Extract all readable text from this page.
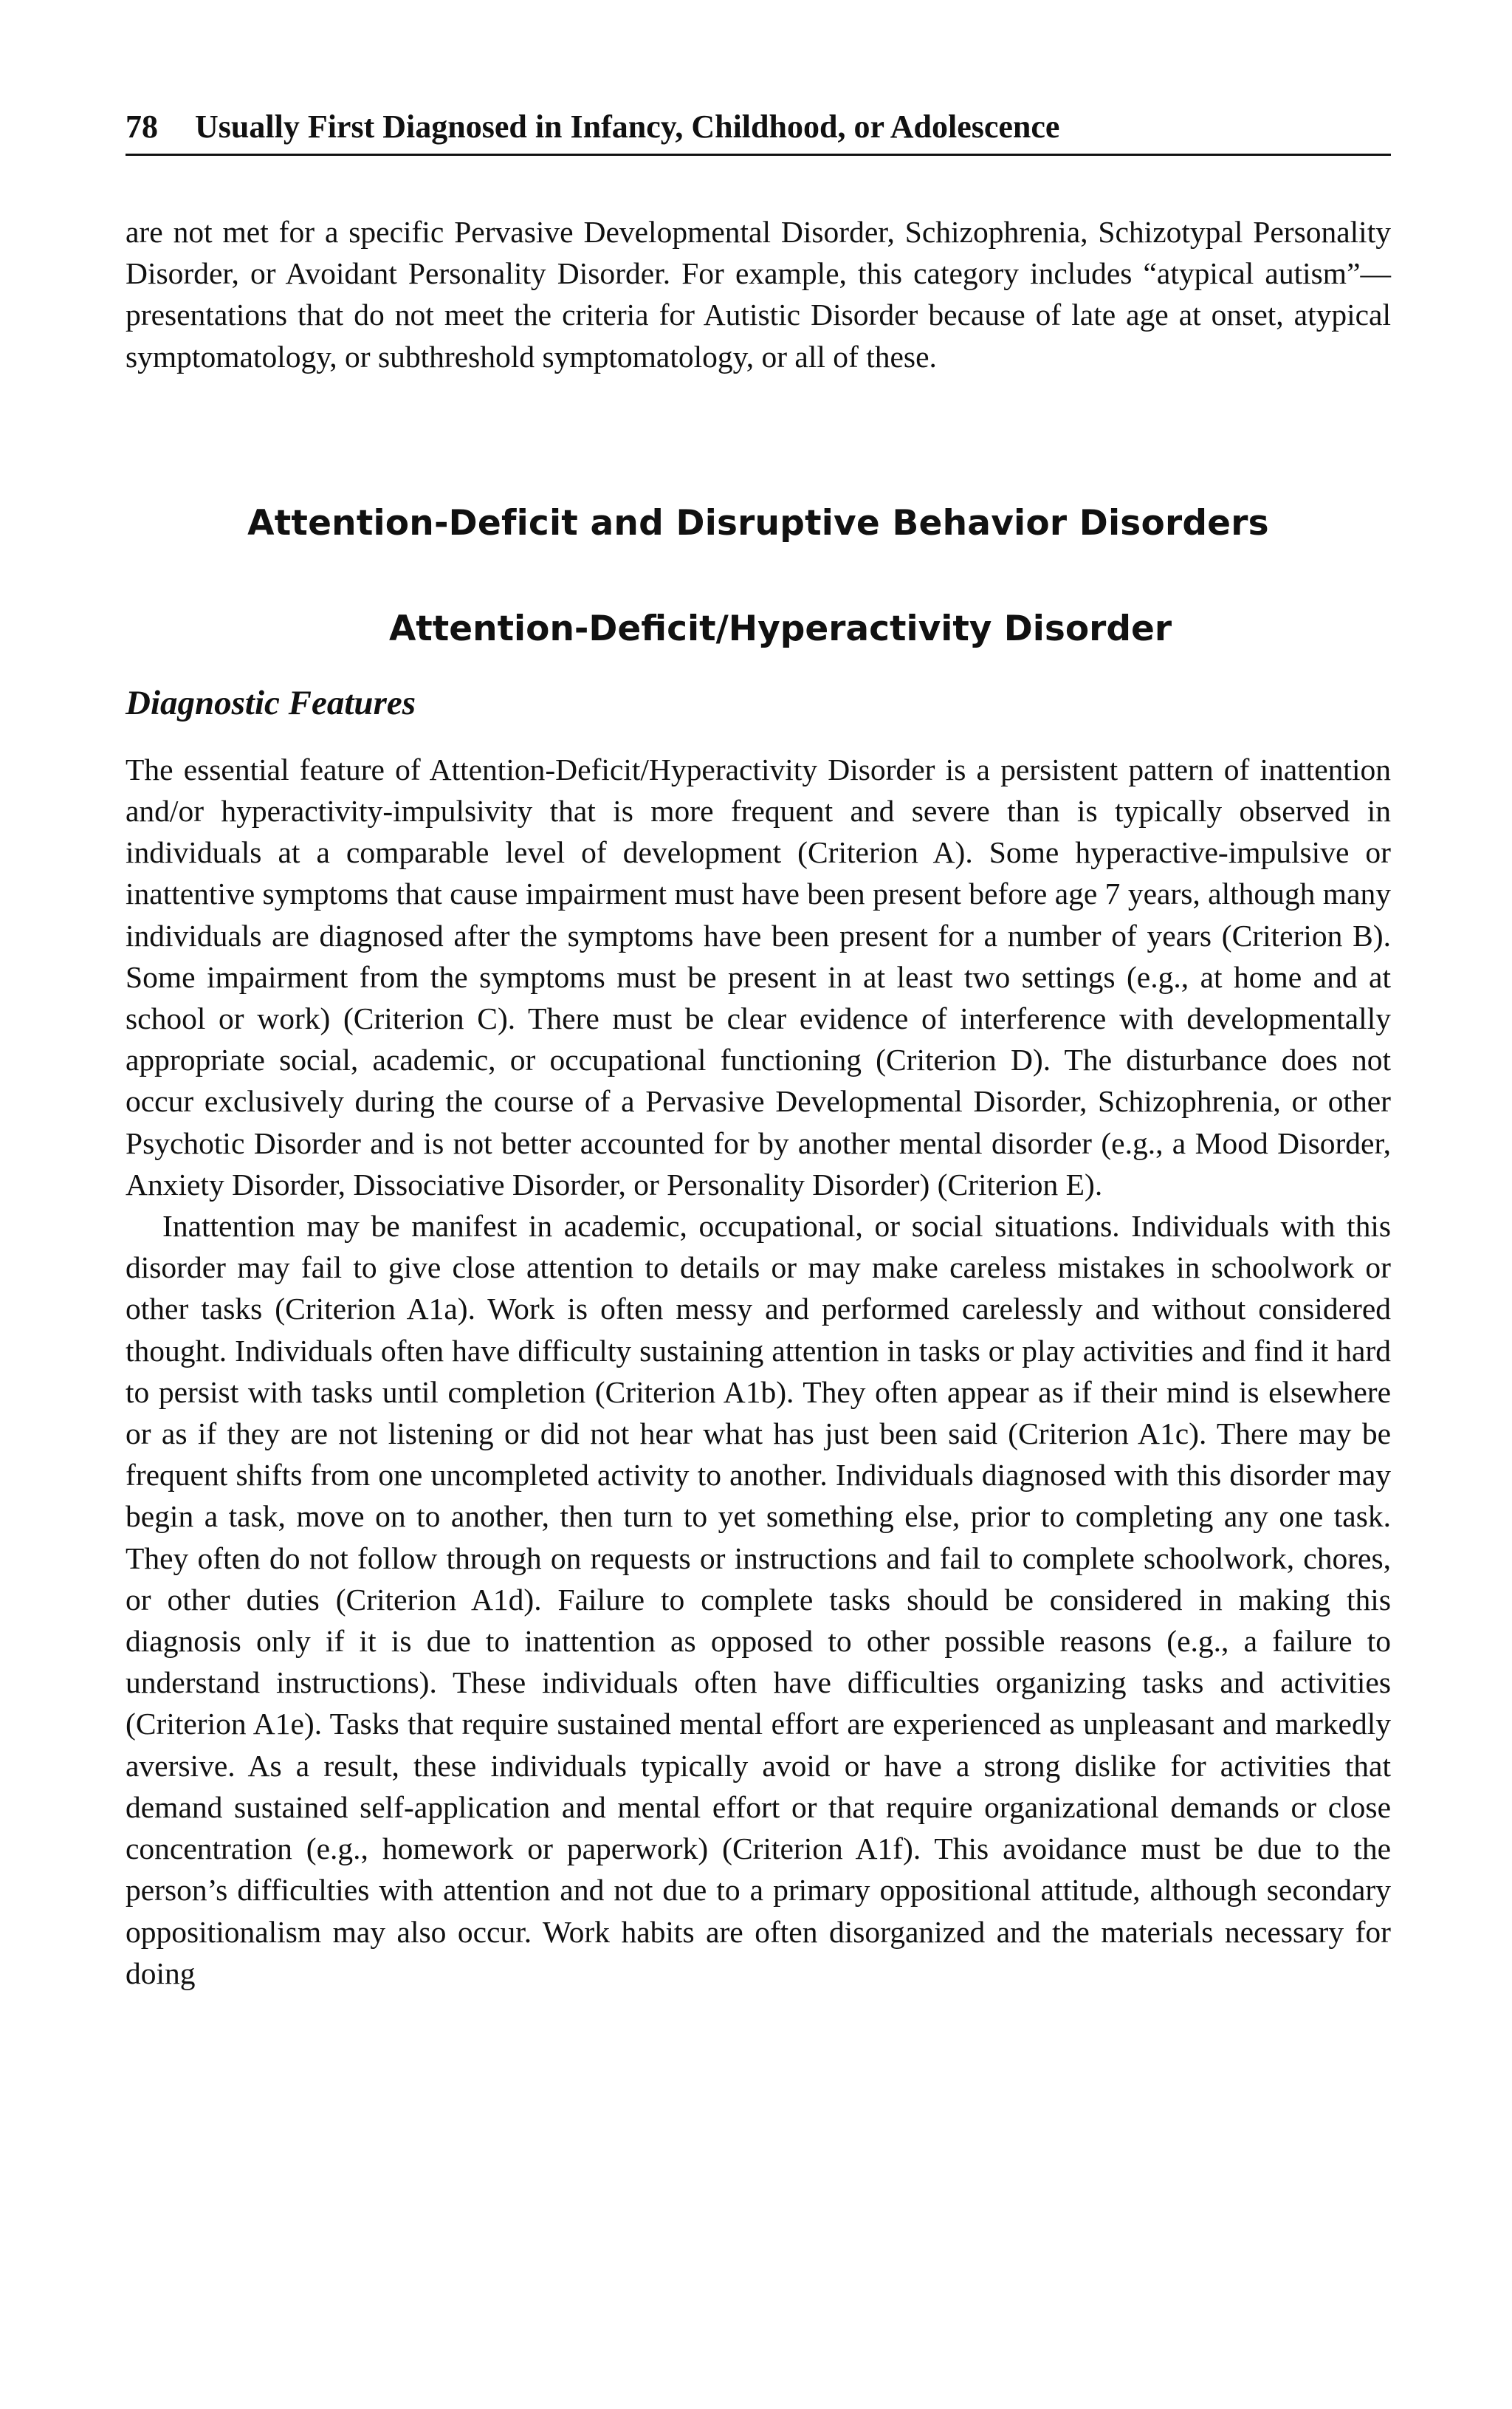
78 Usually First Diagnosed in Infancy, Childhood, or Adolescence

are not met for a specific Pervasive Developmental Disorder, Schizophrenia, Schizotypal Personality Disorder, or Avoidant Personality Disorder. For example, this category includes “atypical autism”—presentations that do not meet the criteria for Autistic Disorder because of late age at onset, atypical symptomatology, or subthreshold symptomatology, or all of these.

Attention-Deficit and Disruptive Behavior Disorders
Attention-Deficit/Hyperactivity Disorder
Diagnostic Features

The essential feature of Attention-Deficit/Hyperactivity Disorder is a persistent pattern of inattention and/or hyperactivity-impulsivity that is more frequent and severe than is typically observed in individuals at a comparable level of development (Criterion A). Some hyperactive-impulsive or inattentive symptoms that cause impairment must have been present before age 7 years, although many individuals are diagnosed after the symptoms have been present for a number of years (Criterion B). Some impairment from the symptoms must be present in at least two settings (e.g., at home and at school or work) (Criterion C). There must be clear evidence of interference with developmentally appropriate social, academic, or occupational functioning (Criterion D). The disturbance does not occur exclusively during the course of a Pervasive Developmental Disorder, Schizophrenia, or other Psychotic Disorder and is not better accounted for by another mental disorder (e.g., a Mood Disorder, Anxiety Disorder, Dissociative Disorder, or Personality Disorder) (Criterion E).

Inattention may be manifest in academic, occupational, or social situations. Individuals with this disorder may fail to give close attention to details or may make careless mistakes in schoolwork or other tasks (Criterion A1a). Work is often messy and performed carelessly and without considered thought. Individuals often have difficulty sustaining attention in tasks or play activities and find it hard to persist with tasks until completion (Criterion A1b). They often appear as if their mind is elsewhere or as if they are not listening or did not hear what has just been said (Criterion A1c). There may be frequent shifts from one uncompleted activity to another. Individuals diagnosed with this disorder may begin a task, move on to another, then turn to yet something else, prior to completing any one task. They often do not follow through on requests or instructions and fail to complete schoolwork, chores, or other duties (Criterion A1d). Failure to complete tasks should be considered in making this diagnosis only if it is due to inattention as opposed to other possible reasons (e.g., a failure to understand instructions). These individuals often have difficulties organizing tasks and activities (Criterion A1e). Tasks that require sustained mental effort are experienced as unpleasant and markedly aversive. As a result, these individuals typically avoid or have a strong dislike for activities that demand sustained self-application and mental effort or that require organizational demands or close concentration (e.g., homework or paperwork) (Criterion A1f). This avoidance must be due to the person’s difficulties with attention and not due to a primary oppositional attitude, although secondary oppositionalism may also occur. Work habits are often disorganized and the materials necessary for doing
